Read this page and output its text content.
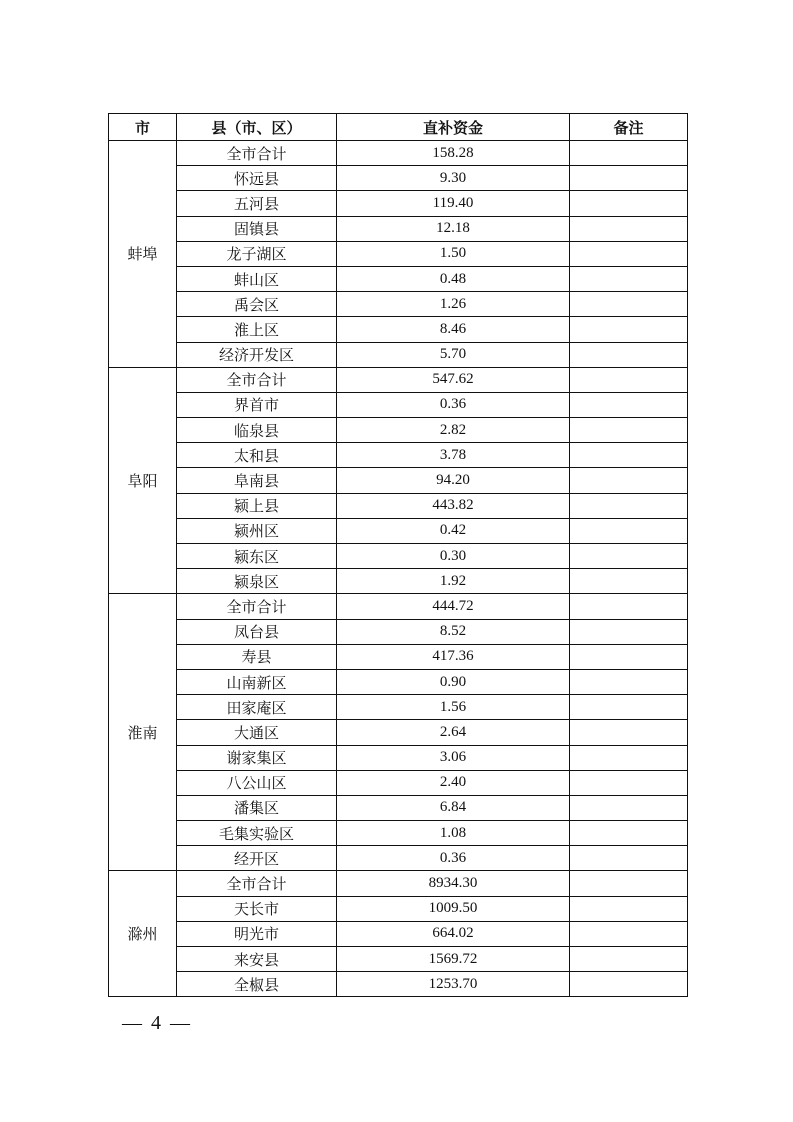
市	县（市、区）	直补资金	备注
蚌埠	全市合计	158.28	
	怀远县	9.30	
	五河县	119.40	
	固镇县	12.18	
	龙子湖区	1.50	
	蚌山区	0.48	
	禹会区	1.26	
	淮上区	8.46	
	经济开发区	5.70	
阜阳	全市合计	547.62	
	界首市	0.36	
	临泉县	2.82	
	太和县	3.78	
	阜南县	94.20	
	颍上县	443.82	
	颍州区	0.42	
	颍东区	0.30	
	颍泉区	1.92	
淮南	全市合计	444.72	
	凤台县	8.52	
	寿县	417.36	
	山南新区	0.90	
	田家庵区	1.56	
	大通区	2.64	
	谢家集区	3.06	
	八公山区	2.40	
	潘集区	6.84	
	毛集实验区	1.08	
	经开区	0.36	
滁州	全市合计	8934.30	
	天长市	1009.50	
	明光市	664.02	
	来安县	1569.72	
	全椒县	1253.70	
— 4 —
